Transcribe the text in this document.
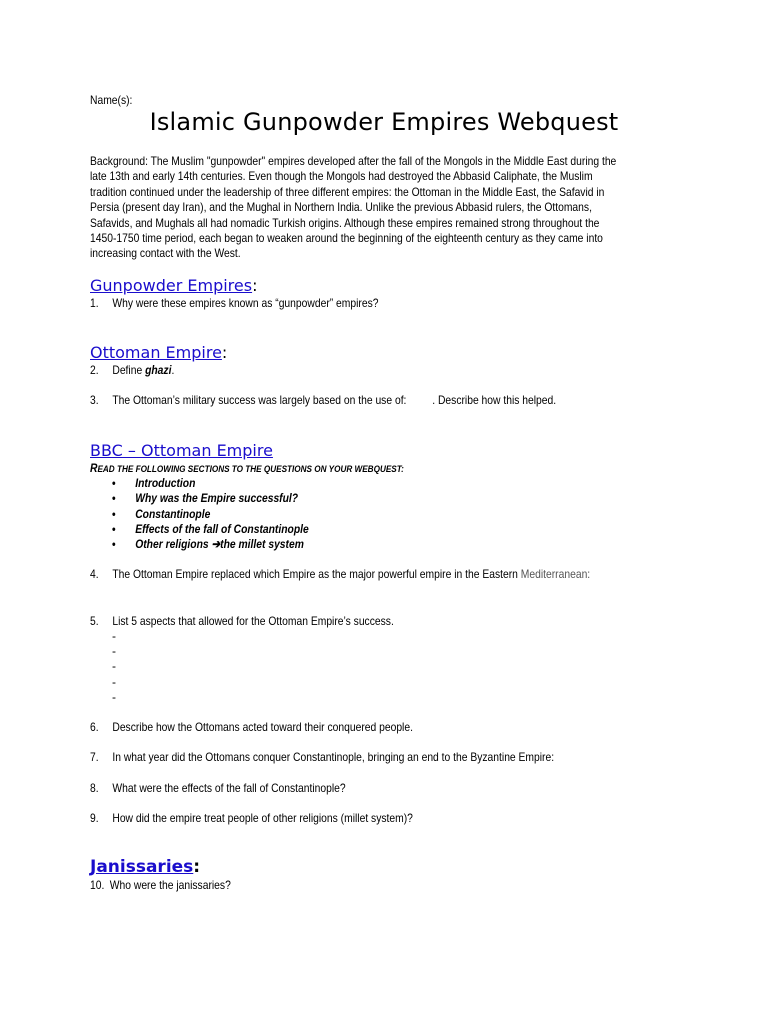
Name(s):
Islamic Gunpowder Empires Webquest
Background: The Muslim "gunpowder" empires developed after the fall of the Mongols in the Middle East during the
late 13th and early 14th centuries. Even though the Mongols had destroyed the Abbasid Caliphate, the Muslim
tradition continued under the leadership of three different empires: the Ottoman in the Middle East, the Safavid in
Persia (present day Iran), and the Mughal in Northern India. Unlike the previous Abbasid rulers, the Ottomans,
Safavids, and Mughals all had nomadic Turkish origins. Although these empires remained strong throughout the
1450-1750 time period, each began to weaken around the beginning of the eighteenth century as they came into
increasing contact with the West.
Gunpowder Empires:
1. Why were these empires known as “gunpowder” empires?
Ottoman Empire:
2. Define ghazi.
3. The Ottoman’s military success was largely based on the use of: . Describe how this helped.
BBC – Ottoman Empire
READ THE FOLLOWING SECTIONS TO THE QUESTIONS ON YOUR WEBQUEST:
• Introduction
• Why was the Empire successful?
• Constantinople
• Effects of the fall of Constantinople
• Other religions ➔the millet system
4. The Ottoman Empire replaced which Empire as the major powerful empire in the Eastern Mediterranean:
5. List 5 aspects that allowed for the Ottoman Empire’s success.
-
-
-
-
-
6. Describe how the Ottomans acted toward their conquered people.
7. In what year did the Ottomans conquer Constantinople, bringing an end to the Byzantine Empire:
8. What were the effects of the fall of Constantinople?
9. How did the empire treat people of other religions (millet system)?
Janissaries:
10. Who were the janissaries?
